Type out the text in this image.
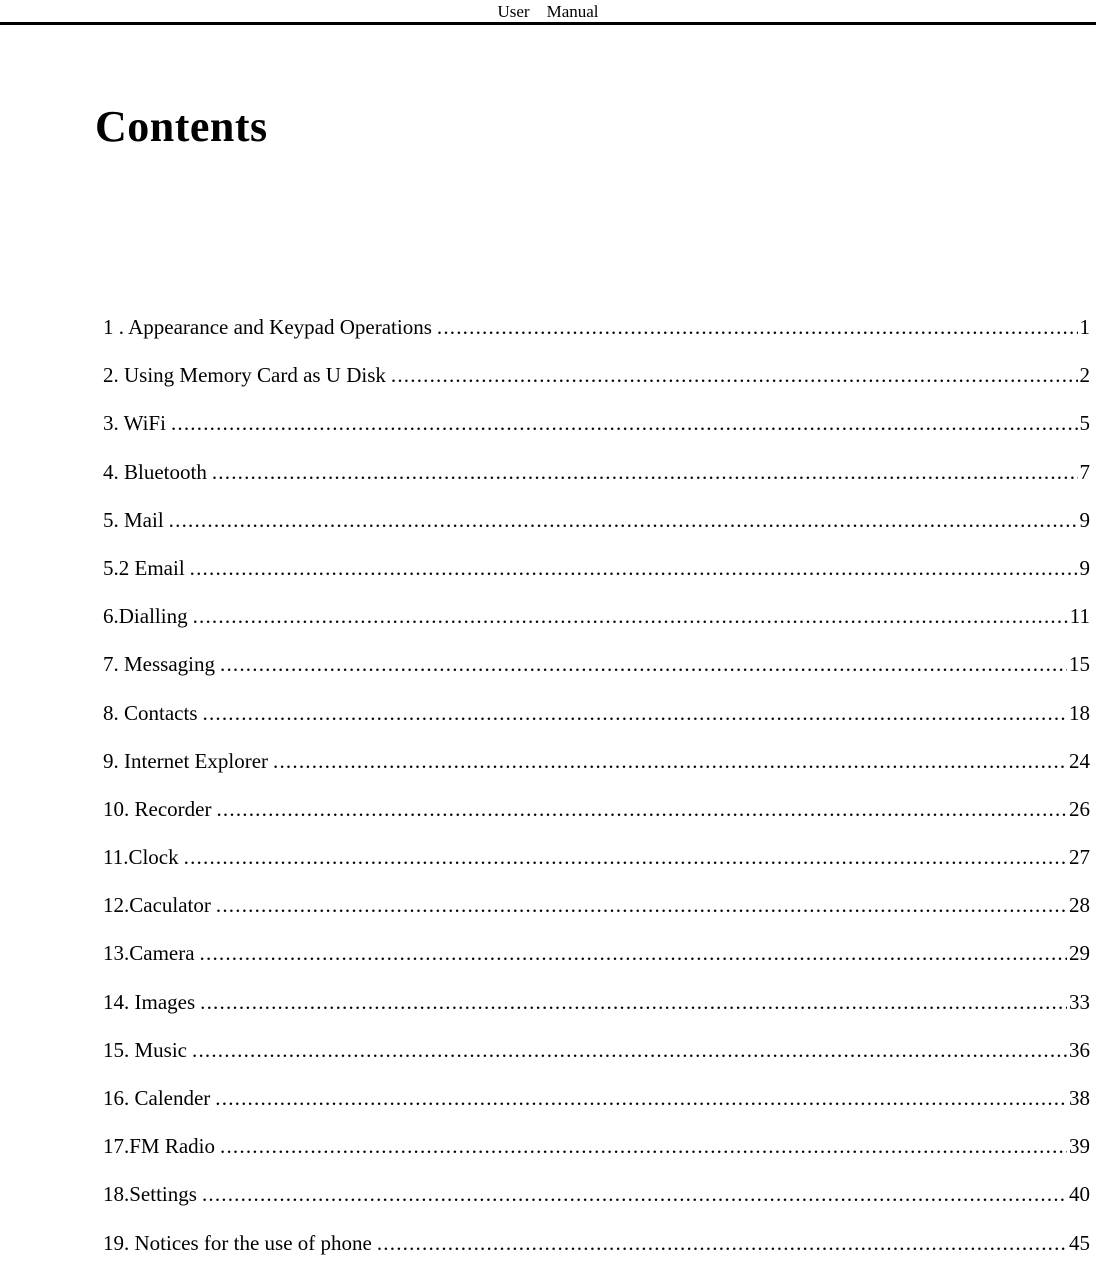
User    Manual
Contents
1 . Appearance and Keypad Operations .....	1
2. Using Memory Card as U Disk .....	2
3. WiFi .....	5
4. Bluetooth .....	7
5. Mail .....	9
5.2 Email .....	9
6.Dialling .....	11
7. Messaging .....	15
8. Contacts .....	18
9. Internet Explorer .....	24
10. Recorder .....	26
11.Clock .....	27
12.Caculator .....	28
13.Camera .....	29
14. Images .....	33
15. Music .....	36
16. Calender .....	38
17.FM Radio .....	39
18.Settings .....	40
19. Notices for the use of phone .....	45
